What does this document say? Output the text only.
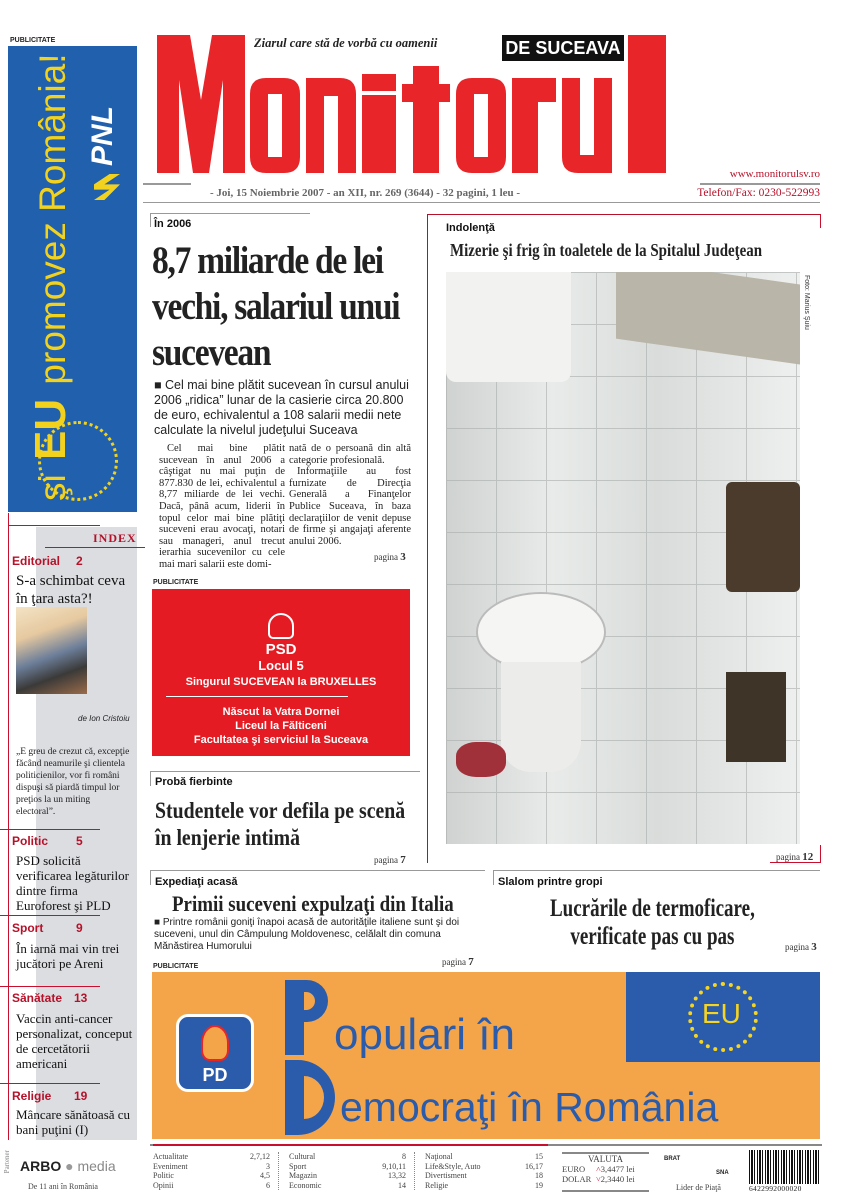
PUBLICITATE
PNL
şi EU promovez România!
INDEX
Editorial 2
S-a schimbat ceva în ţara asta?!
de Ion Cristoiu
„E greu de crezut că, excepţie făcând neamurile şi clientela politicienilor, vor fi români dispuşi să piardă timpul lor preţios la un miting electoral”.
Politic 5
PSD solicită verificarea legăturilor dintre firma Euroforest şi PLD
Sport	9
În iarnă mai vin trei jucători pe Areni
Sănătate 13
Vaccin anti-cancer personalizat, conceput de cercetătorii americani
Religie 19
Mâncare sănătoasă cu bani puţini (I)
Ziarul care stă de vorbă cu oamenii	DE SUCEAVA
www.monitorulsv.ro
- Joi, 15 Noiembrie 2007 - an XII, nr. 269 (3644) - 32 pagini, 1 leu -	Telefon/Fax: 0230-522993
În 2006
8,7 miliarde de lei vechi, salariul unui sucevean
■ Cel mai bine plătit sucevean în cursul anului 2006 „ridica” lunar de la casierie circa 20.800 de euro, echivalentul a 108 salarii medii nete calculate la nivelul judeţului Suceava
Cel mai bine plătit sucevean în anul 2006 a câştigat nu mai puţin de 877.830 de lei, echivalentul a 8,77 miliarde de lei vechi. Dacă, până acum, liderii în topul celor mai bine plătiţi suceveni erau avocaţi, notari sau manageri, anul trecut ierarhia sucevenilor cu cele mai mari salarii este domi-
nată de o persoană din altă categorie profesională.
Informaţiile au fost furnizate de Direcţia Generală a Finanţelor Publice Suceava, în baza declaraţiilor de venit depuse de firme şi angajaţi aferente anului 2006.
pagina 3
PUBLICITATE
PSD
Locul 5
Singurul SUCEVEAN la BRUXELLES
Născut la Vatra Dornei
Liceul la Fălticeni
Facultatea şi serviciul la Suceava
Probă fierbinte
Studentele vor defila pe scenă în lenjerie intimă
pagina 7
Indolenţă
Mizerie şi frig în toaletele de la Spitalul Judeţean
Foto: Marius Şuiu
pagina 12
Expediaţi acasă
Primii suceveni expulzaţi din Italia
■ Printre românii goniţi înapoi acasă de autorităţile italiene sunt şi doi suceveni, unul din Câmpulung Moldovenesc, celălalt din comuna Mănăstirea Humorului
pagina 7
Slalom printre gropi
Lucrările de termoficare, verificate pas cu pas	pagina 3
PUBLICITATE
EU
PD
opulari în
emocraţi în România
Partener ARBO ● media
De 11 ani în România
Actualitate	2,7,12
Eveniment	3
Politic	4,5
Opinii	6
Cultural	8
Sport	9,10,11
Magazin	13,32
Economic	14
Naţional	15
Life&Style, Auto	16,17
Divertisment	18
Religie	19
VALUTA
EURO ˄3,4477 lei
DOLAR ˅2,3440 lei
BRAT
SNA
Lider de Piaţă	6422992000020
